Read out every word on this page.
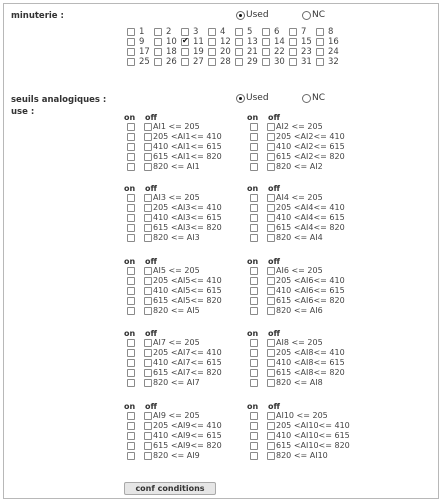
minuterie :	Used	NC
1	2	3	4	5	6	7	8
9	10
✔ 11 12 13 14 15 16
17 18 19 20 21 22 23 24
25 26 27 28 29 30 31 32
seuils analogiques :
use :
Used	NC
on off
AI1 <= 205
205 <AI1<= 410
410 <AI1<= 615
615 <AI1<= 820
820 <= AI1
on off
AI2 <= 205
205 <AI2<= 410
410 <AI2<= 615
615 <AI2<= 820
820 <= AI2
on off
AI3 <= 205
205 <AI3<= 410
410 <AI3<= 615
615 <AI3<= 820
820 <= AI3
on off
AI4 <= 205
205 <AI4<= 410
410 <AI4<= 615
615 <AI4<= 820
820 <= AI4
on off
AI5 <= 205
205 <AI5<= 410
410 <AI5<= 615
615 <AI5<= 820
820 <= AI5
on off
AI6 <= 205
205 <AI6<= 410
410 <AI6<= 615
615 <AI6<= 820
820 <= AI6
on off
AI7 <= 205
205 <AI7<= 410
410 <AI7<= 615
615 <AI7<= 820
820 <= AI7
on off
AI8 <= 205
205 <AI8<= 410
410 <AI8<= 615
615 <AI8<= 820
820 <= AI8
on off
AI9 <= 205
205 <AI9<= 410
410 <AI9<= 615
615 <AI9<= 820
820 <= AI9
on off
AI10 <= 205
205 <AI10<= 410
410 <AI10<= 615
615 <AI10<= 820
820 <= AI10
conf conditions
